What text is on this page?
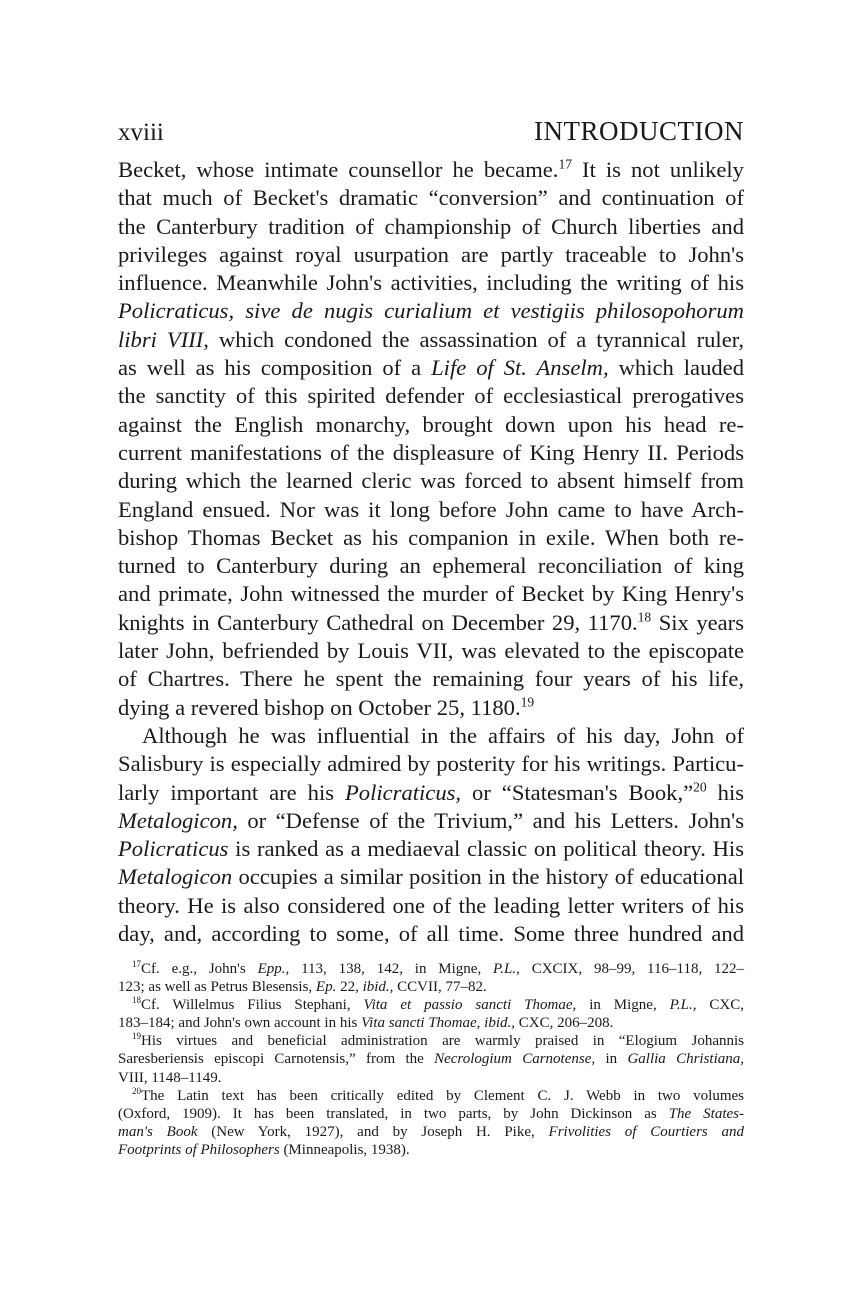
xviii	INTRODUCTION
Becket, whose intimate counsellor he became.$^{17}$ It is not unlikely
that much of Becket's dramatic “conversion” and continuation of
the Canterbury tradition of championship of Church liberties and
privileges against royal usurpation are partly traceable to John's
influence. Meanwhile John's activities, including the writing of his
Policraticus, sive de nugis curialium et vestigiis philosopohorum
libri VIII, which condoned the assassination of a tyrannical ruler,
as well as his composition of a Life of St. Anselm, which lauded
the sanctity of this spirited defender of ecclesiastical prerogatives
against the English monarchy, brought down upon his head re-
current manifestations of the displeasure of King Henry II. Periods
during which the learned cleric was forced to absent himself from
England ensued. Nor was it long before John came to have Arch-
bishop Thomas Becket as his companion in exile. When both re-
turned to Canterbury during an ephemeral reconciliation of king
and primate, John witnessed the murder of Becket by King Henry's
knights in Canterbury Cathedral on December 29, 1170.18 Six years
later John, befriended by Louis VII, was elevated to the episcopate
of Chartres. There he spent the remaining four years of his life,
dying a revered bishop on October 25, 1180.19
Although he was influential in the affairs of his day, John of
Salisbury is especially admired by posterity for his writings. Particu-
larly important are his Policraticus, or “Statesman's Book,”$^{20}$ his
Metalogicon, or “Defense of the Trivium,” and his Letters. John's
Policraticus is ranked as a mediaeval classic on political theory. His
Metalogicon occupies a similar position in the history of educational
theory. He is also considered one of the leading letter writers of his
day, and, according to some, of all time. Some three hundred and
$^{17}$Cf. e.g., John's Epp., 113, 138, 142, in Migne, P.L., CXCIX, 98–99, 116–118, 122–
123; as well as Petrus Blesensis, Ep. 22, ibid., CCVII, 77–82.
$^{18}$Cf. Willelmus Filius Stephani, Vita et passio sancti Thomae, in Migne, P.L., CXC,
183–184; and John's own account in his Vita sancti Thomae, ibid., CXC, 206–208.
$^{19}$His virtues and beneficial administration are warmly praised in “Elogium Johannis
Saresberiensis episcopi Carnotensis,” from the Necrologium Carnotense, in Gallia Christiana,
VIII, 1148–1149.
$^{20}$The Latin text has been critically edited by Clement C. J. Webb in two volumes
(Oxford, 1909). It has been translated, in two parts, by John Dickinson as The States-
man's Book (New York, 1927), and by Joseph H. Pike, Frivolities of Courtiers and
Footprints of Philosophers (Minneapolis, 1938).
